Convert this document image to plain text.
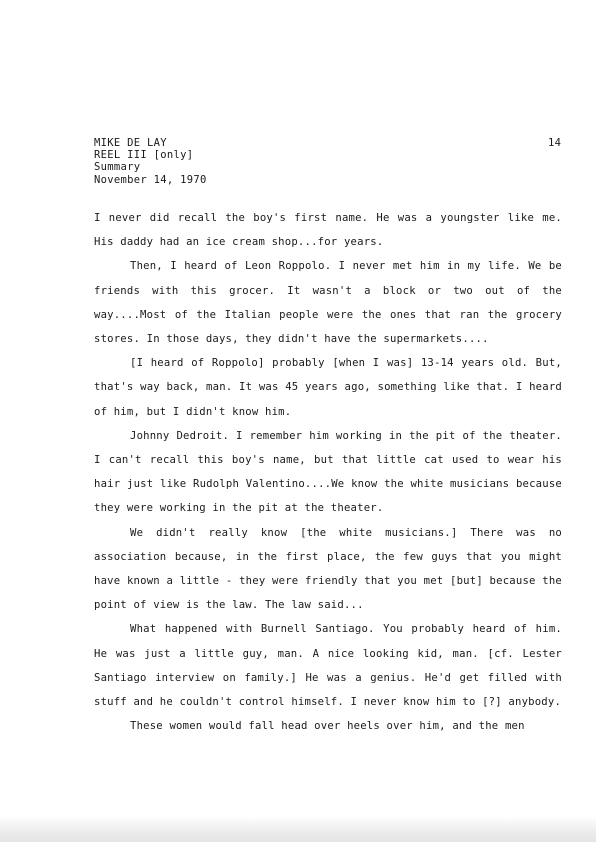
MIKE DE LAY
REEL III [only]
Summary
November 14, 1970
14

I never did recall the boy's first name. He was a youngster like me. His daddy had an ice cream shop...for years.

Then, I heard of Leon Roppolo. I never met him in my life. We be friends with this grocer. It wasn't a block or two out of the way....Most of the Italian people were the ones that ran the grocery stores. In those days, they didn't have the supermarkets....

[I heard of Roppolo] probably [when I was] 13-14 years old. But, that's way back, man. It was 45 years ago, something like that. I heard of him, but I didn't know him.

Johnny Dedroit. I remember him working in the pit of the theater. I can't recall this boy's name, but that little cat used to wear his hair just like Rudolph Valentino....We know the white musicians because they were working in the pit at the theater.

We didn't really know [the white musicians.] There was no association because, in the first place, the few guys that you might have known a little - they were friendly that you met [but] because the point of view is the law. The law said...

What happened with Burnell Santiago. You probably heard of him. He was just a little guy, man. A nice looking kid, man. [cf. Lester Santiago interview on family.] He was a genius. He'd get filled with stuff and he couldn't control himself. I never know him to [?] anybody.

These women would fall head over heels over him, and the men
